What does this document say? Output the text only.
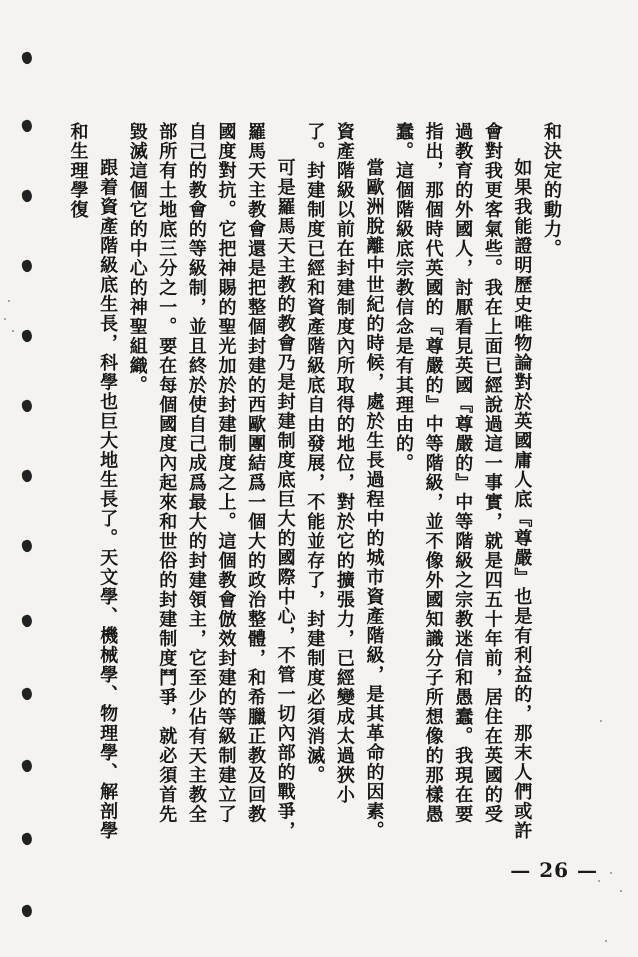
和決定的動力。

如果我能證明歷史唯物論對於英國庸人底『尊嚴』也是有利益的，那末人們或許會對我更客氣些。我在上面已經說過這一事實，就是四五十年前，居住在英國的受過教育的外國人，討厭看見英國『尊嚴的』中等階級之宗教迷信和愚蠢。我現在要指出，那個時代英國的『尊嚴的』中等階級，並不像外國知識分子所想像的那樣愚蠢。這個階級底宗教信念是有其理由的。

當歐洲脫離中世紀的時候，處於生長過程中的城市資產階級，是其革命的因素。資產階級以前在封建制度內所取得的地位，對於它的擴張力，已經變成太過狹小了。封建制度已經和資產階級底自由發展，不能並存了，封建制度必須消滅。

可是羅馬天主教的教會乃是封建制度底巨大的國際中心，不管一切內部的戰爭，羅馬天主教會還是把整個封建的西歐團結爲一個大的政治整體，和希臘正教及回教國度對抗。它把神賜的聖光加於封建制度之上。這個教會倣效封建的等級制建立了自己的教會的等級制，並且終於使自己成爲最大的封建領主，它至少佔有天主教全部所有土地底三分之一。要在每個國度內起來和世俗的封建制度鬥爭，就必須首先毀滅這個它的中心的神聖組織。

跟着資產階級底生長，科學也巨大地生長了。天文學、機械學、物理學、解剖學和生理學復

— 26 —
